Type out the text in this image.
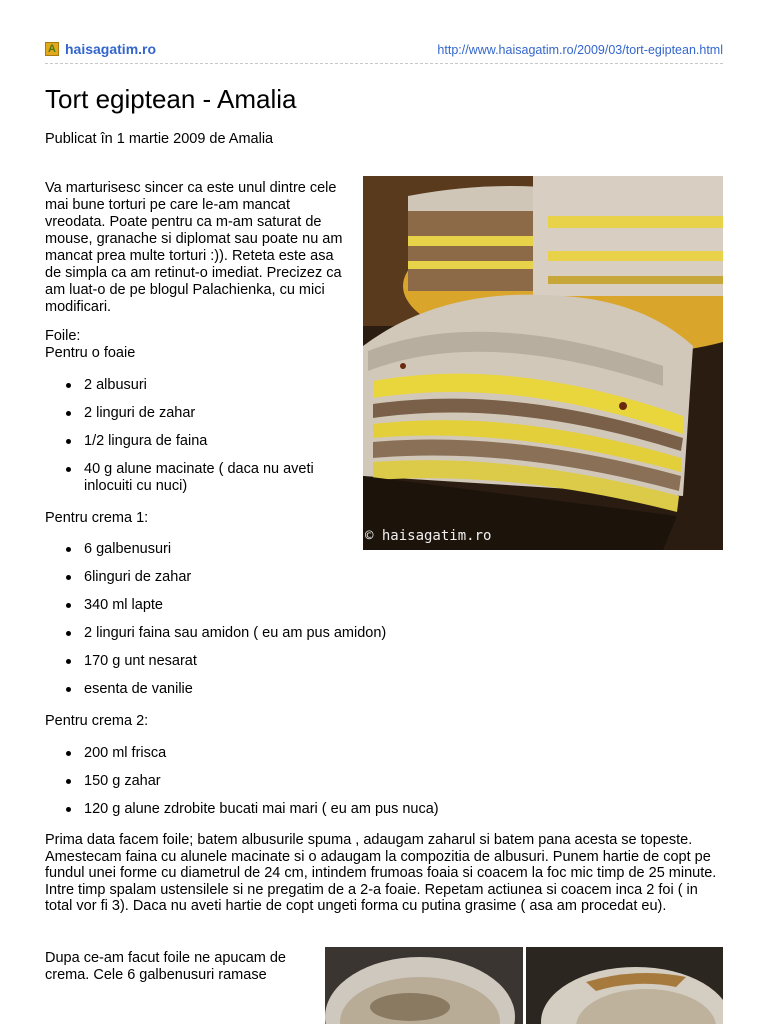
A haisagatim.ro	http://www.haisagatim.ro/2009/03/tort-egiptean.html
Tort egiptean - Amalia
Publicat în 1 martie 2009 de Amalia
Va marturisesc sincer ca este unul dintre cele mai bune torturi pe care le-am mancat vreodata. Poate pentru ca m-am saturat de mouse, granache si diplomat sau poate nu am mancat prea multe torturi :)). Reteta este asa de simpla ca am retinut-o imediat. Precizez ca am luat-o de pe blogul Palachienka, cu mici modificari.
Foile:
Pentru o foaie
2 albusuri
2 linguri de zahar
1/2 lingura de faina
40 g alune macinate ( daca nu aveti inlocuiti cu nuci)
Pentru crema 1:
6 galbenusuri
6linguri de zahar
340 ml lapte
2 linguri faina sau amidon ( eu am pus amidon)
170 g unt nesarat
esenta de vanilie
Pentru crema 2:
200 ml frisca
150 g zahar
120 g alune zdrobite bucati mai mari ( eu am pus nuca)
Prima data facem foile; batem albusurile spuma , adaugam zaharul si batem pana acesta se topeste. Amestecam faina cu alunele macinate si o adaugam la compozitia de albusuri. Punem hartie de copt pe fundul unei forme cu diametrul de 24 cm, intindem frumoas foaia si coacem la foc mic timp de 25 minute. Intre timp spalam ustensilele si ne pregatim de a 2-a foaie. Repetam actiunea si coacem inca 2 foi ( in total vor fi 3). Daca nu aveti hartie de copt ungeti forma cu putina grasime ( asa am procedat eu).
Dupa ce-am facut foile ne apucam de crema. Cele 6 galbenusuri ramase
© haisagatim.ro
